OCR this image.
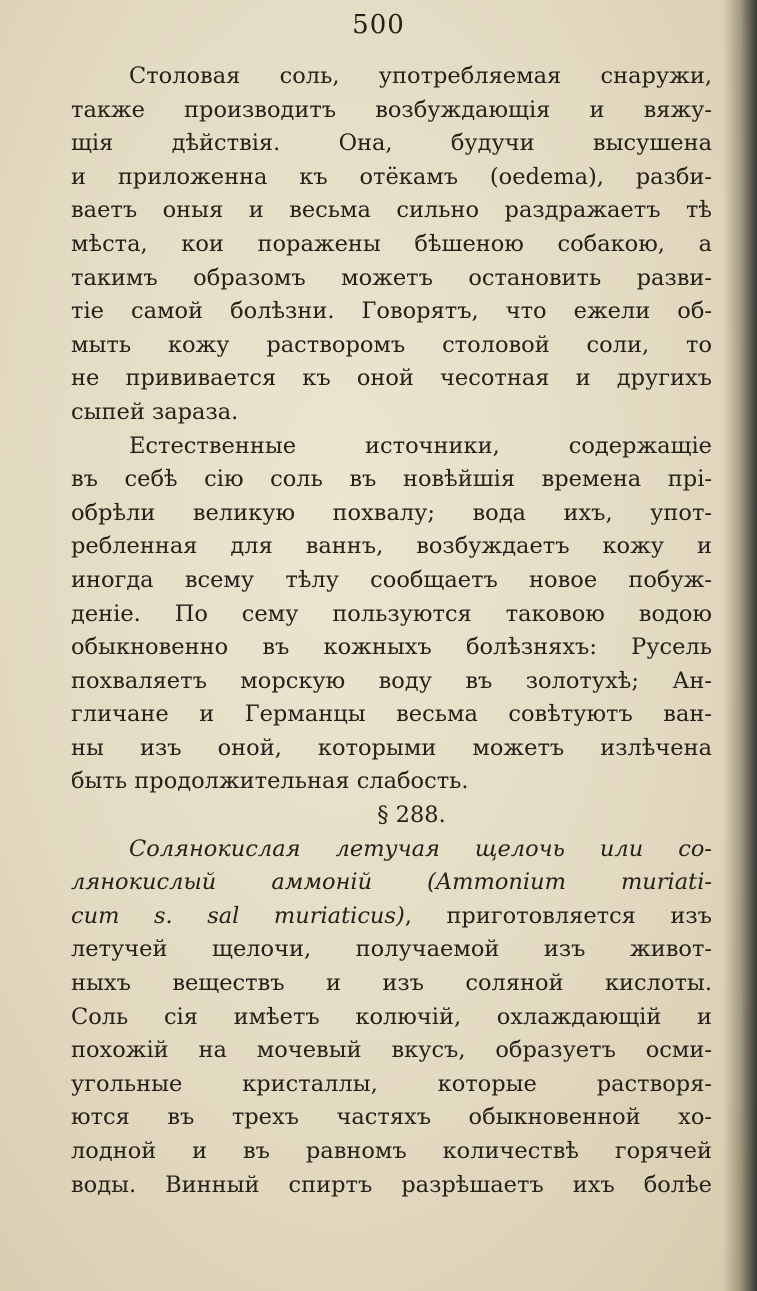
500
Столовая соль, употребляемая снаружи,
также производитъ возбуждающія и вяжу-
щія дѣйствія. Она, будучи высушена
и приложенна къ отёкамъ (oedema), разби-
ваетъ оныя и весьма сильно раздражаетъ тѣ
мѣста, кои поражены бѣшеною собакою, а
такимъ образомъ можетъ остановить разви-
тіе самой болѣзни. Говорятъ, что ежели об-
мыть кожу растворомъ столовой соли, то
не прививается къ оной чесотная и другихъ
сыпей зараза.
Естественные источники, содержащіе
въ себѣ сію соль въ новѣйшія времена прі-
обрѣли великую похвалу; вода ихъ, упот-
ребленная для ваннъ, возбуждаетъ кожу и
иногда всему тѣлу сообщаетъ новое побуж-
деніе. По сему пользуются таковою водою
обыкновенно въ кожныхъ болѣзняхъ: Русель
похваляетъ морскую воду въ золотухѣ; Ан-
гличане и Германцы весьма совѣтуютъ ван-
ны изъ оной, которыми можетъ излѣчена
быть продолжительная слабость.
§ 288.
Солянокислая летучая щелочь или со-
лянокислый аммоній (Ammonium muriati-
cum s. sal muriaticus), приготовляется изъ
летучей щелочи, получаемой изъ живот-
ныхъ веществъ и изъ соляной кислоты.
Соль сія имѣетъ колючій, охлаждающій и
похожій на мочевый вкусъ, образуетъ осми-
угольные кристаллы, которые растворя-
ются въ трехъ частяхъ обыкновенной хо-
лодной и въ равномъ количествѣ горячей
воды. Винный спиртъ разрѣшаетъ ихъ болѣе
